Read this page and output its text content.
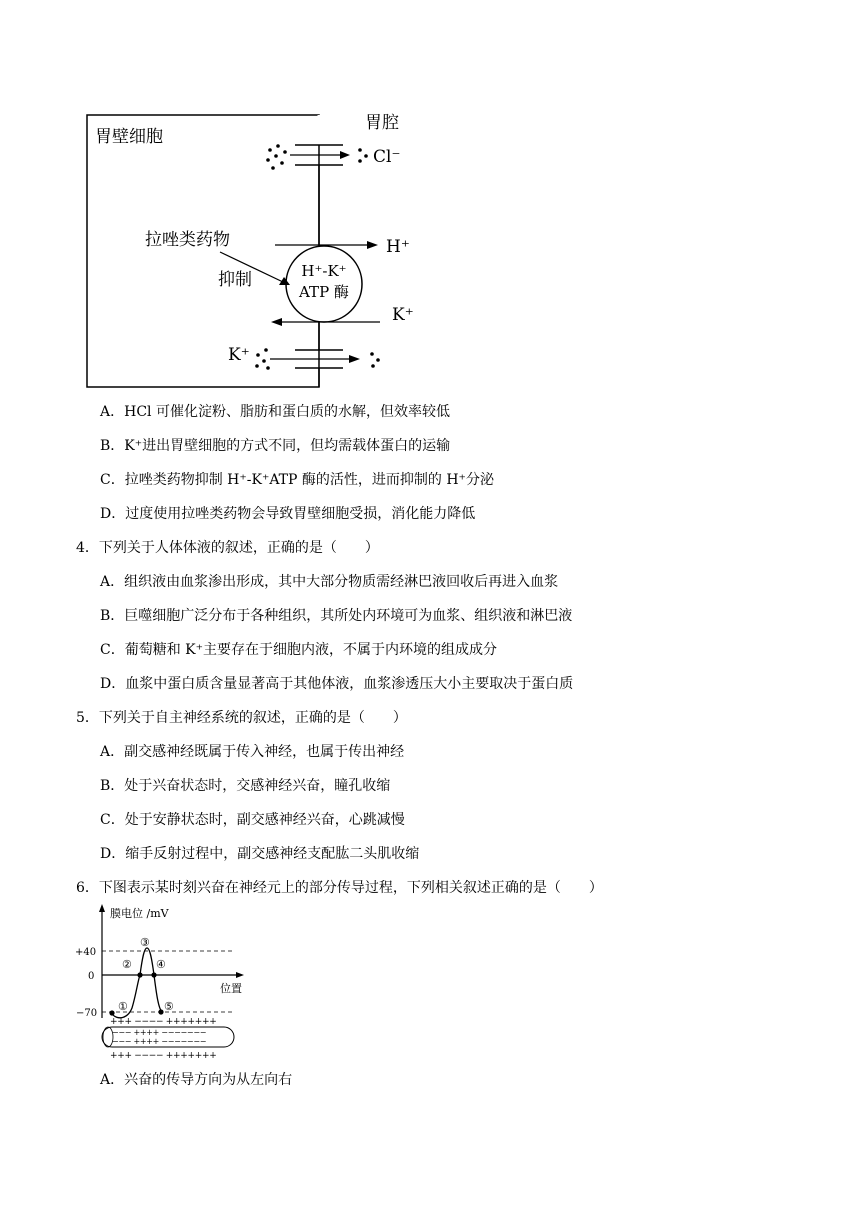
Cl⁻
胃腔
胃壁细胞
H⁺-K⁺
ATP 酶
H⁺
K⁺
K⁺
拉唑类药物
抑制
A．HCl 可催化淀粉、脂肪和蛋白质的水解，但效率较低
B．K⁺进出胃壁细胞的方式不同，但均需载体蛋白的运输
C．拉唑类药物抑制 H⁺-K⁺ATP 酶的活性，进而抑制的 H⁺分泌
D．过度使用拉唑类药物会导致胃壁细胞受损，消化能力降低
4．下列关于人体体液的叙述，正确的是（　　）
A．组织液由血浆渗出形成，其中大部分物质需经淋巴液回收后再进入血浆
B．巨噬细胞广泛分布于各种组织，其所处内环境可为血浆、组织液和淋巴液
C．葡萄糖和 K⁺主要存在于细胞内液，不属于内环境的组成成分
D．血浆中蛋白质含量显著高于其他体液，血浆渗透压大小主要取决于蛋白质
5．下列关于自主神经系统的叙述，正确的是（　　）
A．副交感神经既属于传入神经，也属于传出神经
B．处于兴奋状态时，交感神经兴奋，瞳孔收缩
C．处于安静状态时，副交感神经兴奋，心跳减慢
D．缩手反射过程中，副交感神经支配肱二头肌收缩
6．下图表示某时刻兴奋在神经元上的部分传导过程，下列相关叙述正确的是（　　）
膜电位 /mV
位置
+40
0
−70
①
②
③
④
⑤
+++ −−−− +++++++
−−− ++++ −−−−−−−
−−− ++++ −−−−−−−
+++ −−−− +++++++
A．兴奋的传导方向为从左向右
